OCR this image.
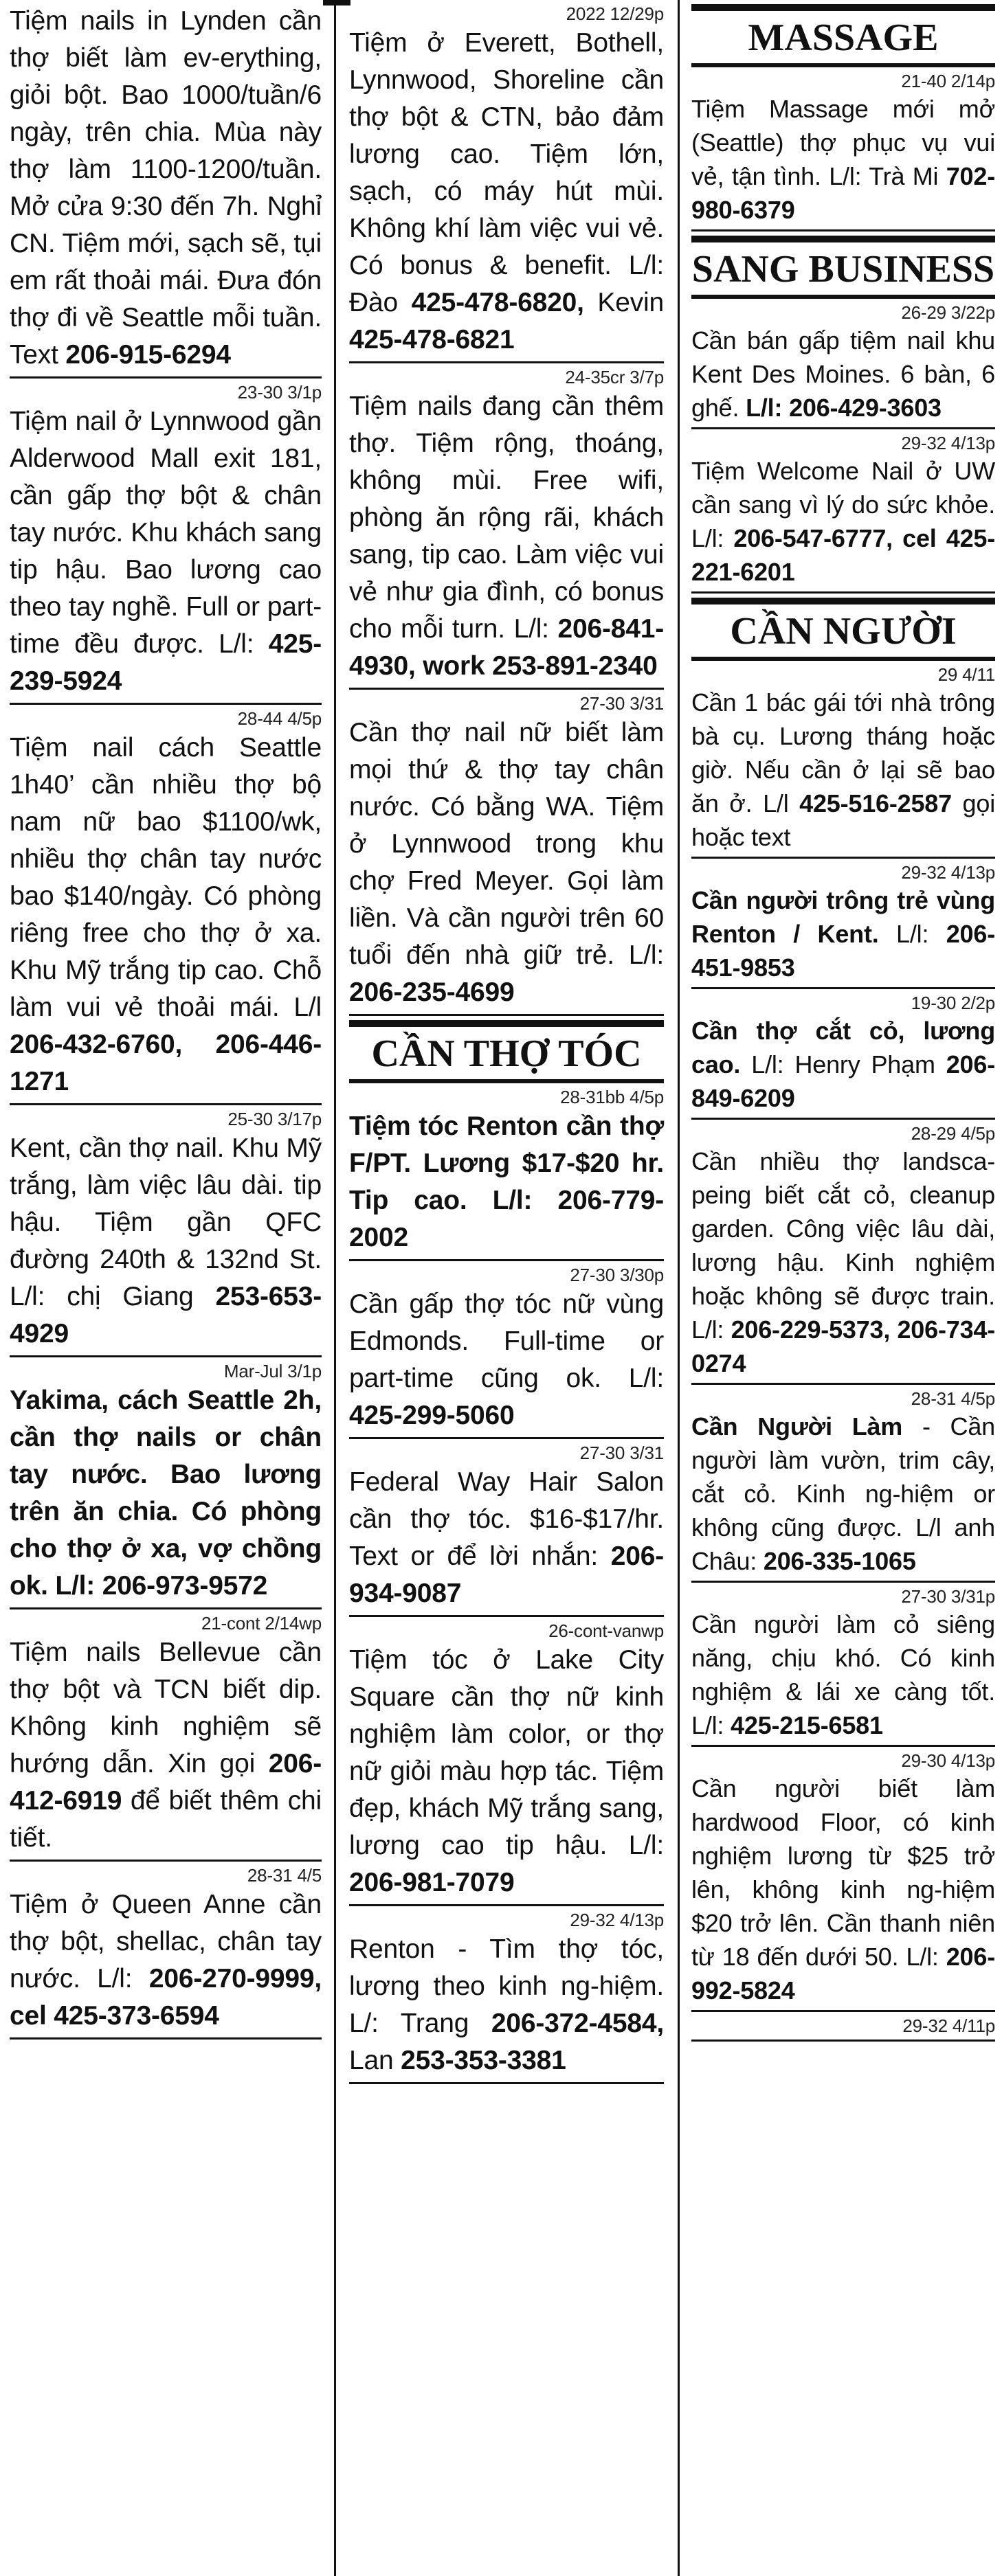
Tiệm nails in Lynden cần thợ biết làm ev-erything, giỏi bột. Bao 1000/tuần/6 ngày, trên chia. Mùa này thợ làm 1100-1200/tuần. Mở cửa 9:30 đến 7h. Nghỉ CN. Tiệm mới, sạch sẽ, tụi em rất thoải mái. Đưa đón thợ đi về Seattle mỗi tuần. Text 206-915-6294
23-30 3/1p
Tiệm nail ở Lynnwood gần Alderwood Mall exit 181, cần gấp thợ bột & chân tay nước. Khu khách sang tip hậu. Bao lương cao theo tay nghề. Full or part-time đều được. L/l: 425-239-5924
28-44 4/5p
Tiệm nail cách Seattle 1h40’ cần nhiều thợ bộ nam nữ bao $1100/wk, nhiều thợ chân tay nước bao $140/ngày. Có phòng riêng free cho thợ ở xa. Khu Mỹ trắng tip cao. Chỗ làm vui vẻ thoải mái. L/l 206-432-6760, 206-446-1271
25-30 3/17p
Kent, cần thợ nail. Khu Mỹ trắng, làm việc lâu dài. tip hậu. Tiệm gần QFC đường 240th & 132nd St. L/l: chị Giang 253-653-4929
Mar-Jul 3/1p
Yakima, cách Seattle 2h, cần thợ nails or chân tay nước. Bao lương trên ăn chia. Có phòng cho thợ ở xa, vợ chồng ok. L/l: 206-973-9572
21-cont 2/14wp
Tiệm nails Bellevue cần thợ bột và TCN biết dip. Không kinh nghiệm sẽ hướng dẫn. Xin gọi 206-412-6919 để biết thêm chi tiết.
28-31 4/5
Tiệm ở Queen Anne cần thợ bột, shellac, chân tay nước. L/l: 206-270-9999, cel 425-373-6594
2022 12/29p
Tiệm ở Everett, Bothell, Lynnwood, Shoreline cần thợ bột & CTN, bảo đảm lương cao. Tiệm lớn, sạch, có máy hút mùi. Không khí làm việc vui vẻ. Có bonus & benefit. L/l: Đào 425-478-6820, Kevin 425-478-6821
24-35cr 3/7p
Tiệm nails đang cần thêm thợ. Tiệm rộng, thoáng, không mùi. Free wifi, phòng ăn rộng rãi, khách sang, tip cao. Làm việc vui vẻ như gia đình, có bonus cho mỗi turn. L/l: 206-841-4930, work 253-891-2340
27-30 3/31
Cần thợ nail nữ biết làm mọi thứ & thợ tay chân nước. Có bằng WA. Tiệm ở Lynnwood trong khu chợ Fred Meyer. Gọi làm liền. Và cần người trên 60 tuổi đến nhà giữ trẻ. L/l: 206-235-4699
CẦN THỢ TÓC
28-31bb 4/5p
Tiệm tóc Renton cần thợ F/PT. Lương $17-$20 hr. Tip cao. L/l: 206-779-2002
27-30 3/30p
Cần gấp thợ tóc nữ vùng Edmonds. Full-time or part-time cũng ok. L/l: 425-299-5060
27-30 3/31
Federal Way Hair Salon cần thợ tóc. $16-$17/hr. Text or để lời nhắn: 206-934-9087
26-cont-vanwp
Tiệm tóc ở Lake City Square cần thợ nữ kinh nghiệm làm color, or thợ nữ giỏi màu hợp tác. Tiệm đẹp, khách Mỹ trắng sang, lương cao tip hậu. L/l: 206-981-7079
29-32 4/13p
Renton - Tìm thợ tóc, lương theo kinh ng-hiệm. L/: Trang 206-372-4584, Lan 253-353-3381
MASSAGE
21-40 2/14p
Tiệm Massage mới mở (Seattle) thợ phục vụ vui vẻ, tận tình. L/l: Trà Mi 702-980-6379
SANG BUSINESS
26-29 3/22p
Cần bán gấp tiệm nail khu Kent Des Moines. 6 bàn, 6 ghế. L/l: 206-429-3603
29-32 4/13p
Tiệm Welcome Nail ở UW cần sang vì lý do sức khỏe. L/l: 206-547-6777, cel 425-221-6201
CẦN NGƯỜI
29 4/11
Cần 1 bác gái tới nhà trông bà cụ. Lương tháng hoặc giờ. Nếu cần ở lại sẽ bao ăn ở. L/l 425-516-2587 gọi hoặc text
29-32 4/13p
Cần người trông trẻ vùng Renton / Kent. L/l: 206-451-9853
19-30 2/2p
Cần thợ cắt cỏ, lương cao. L/l: Henry Phạm 206-849-6209
28-29 4/5p
Cần nhiều thợ landsca-peing biết cắt cỏ, cleanup garden. Công việc lâu dài, lương hậu. Kinh nghiệm hoặc không sẽ được train. L/l: 206-229-5373, 206-734-0274
28-31 4/5p
Cần Người Làm - Cần người làm vườn, trim cây, cắt cỏ. Kinh ng-hiệm or không cũng được. L/l anh Châu: 206-335-1065
27-30 3/31p
Cần người làm cỏ siêng năng, chịu khó. Có kinh nghiệm & lái xe càng tốt. L/l: 425-215-6581
29-30 4/13p
Cần người biết làm hardwood Floor, có kinh nghiệm lương từ $25 trở lên, không kinh ng-hiệm $20 trở lên. Cần thanh niên từ 18 đến dưới 50. L/l: 206-992-5824
29-32 4/11p
